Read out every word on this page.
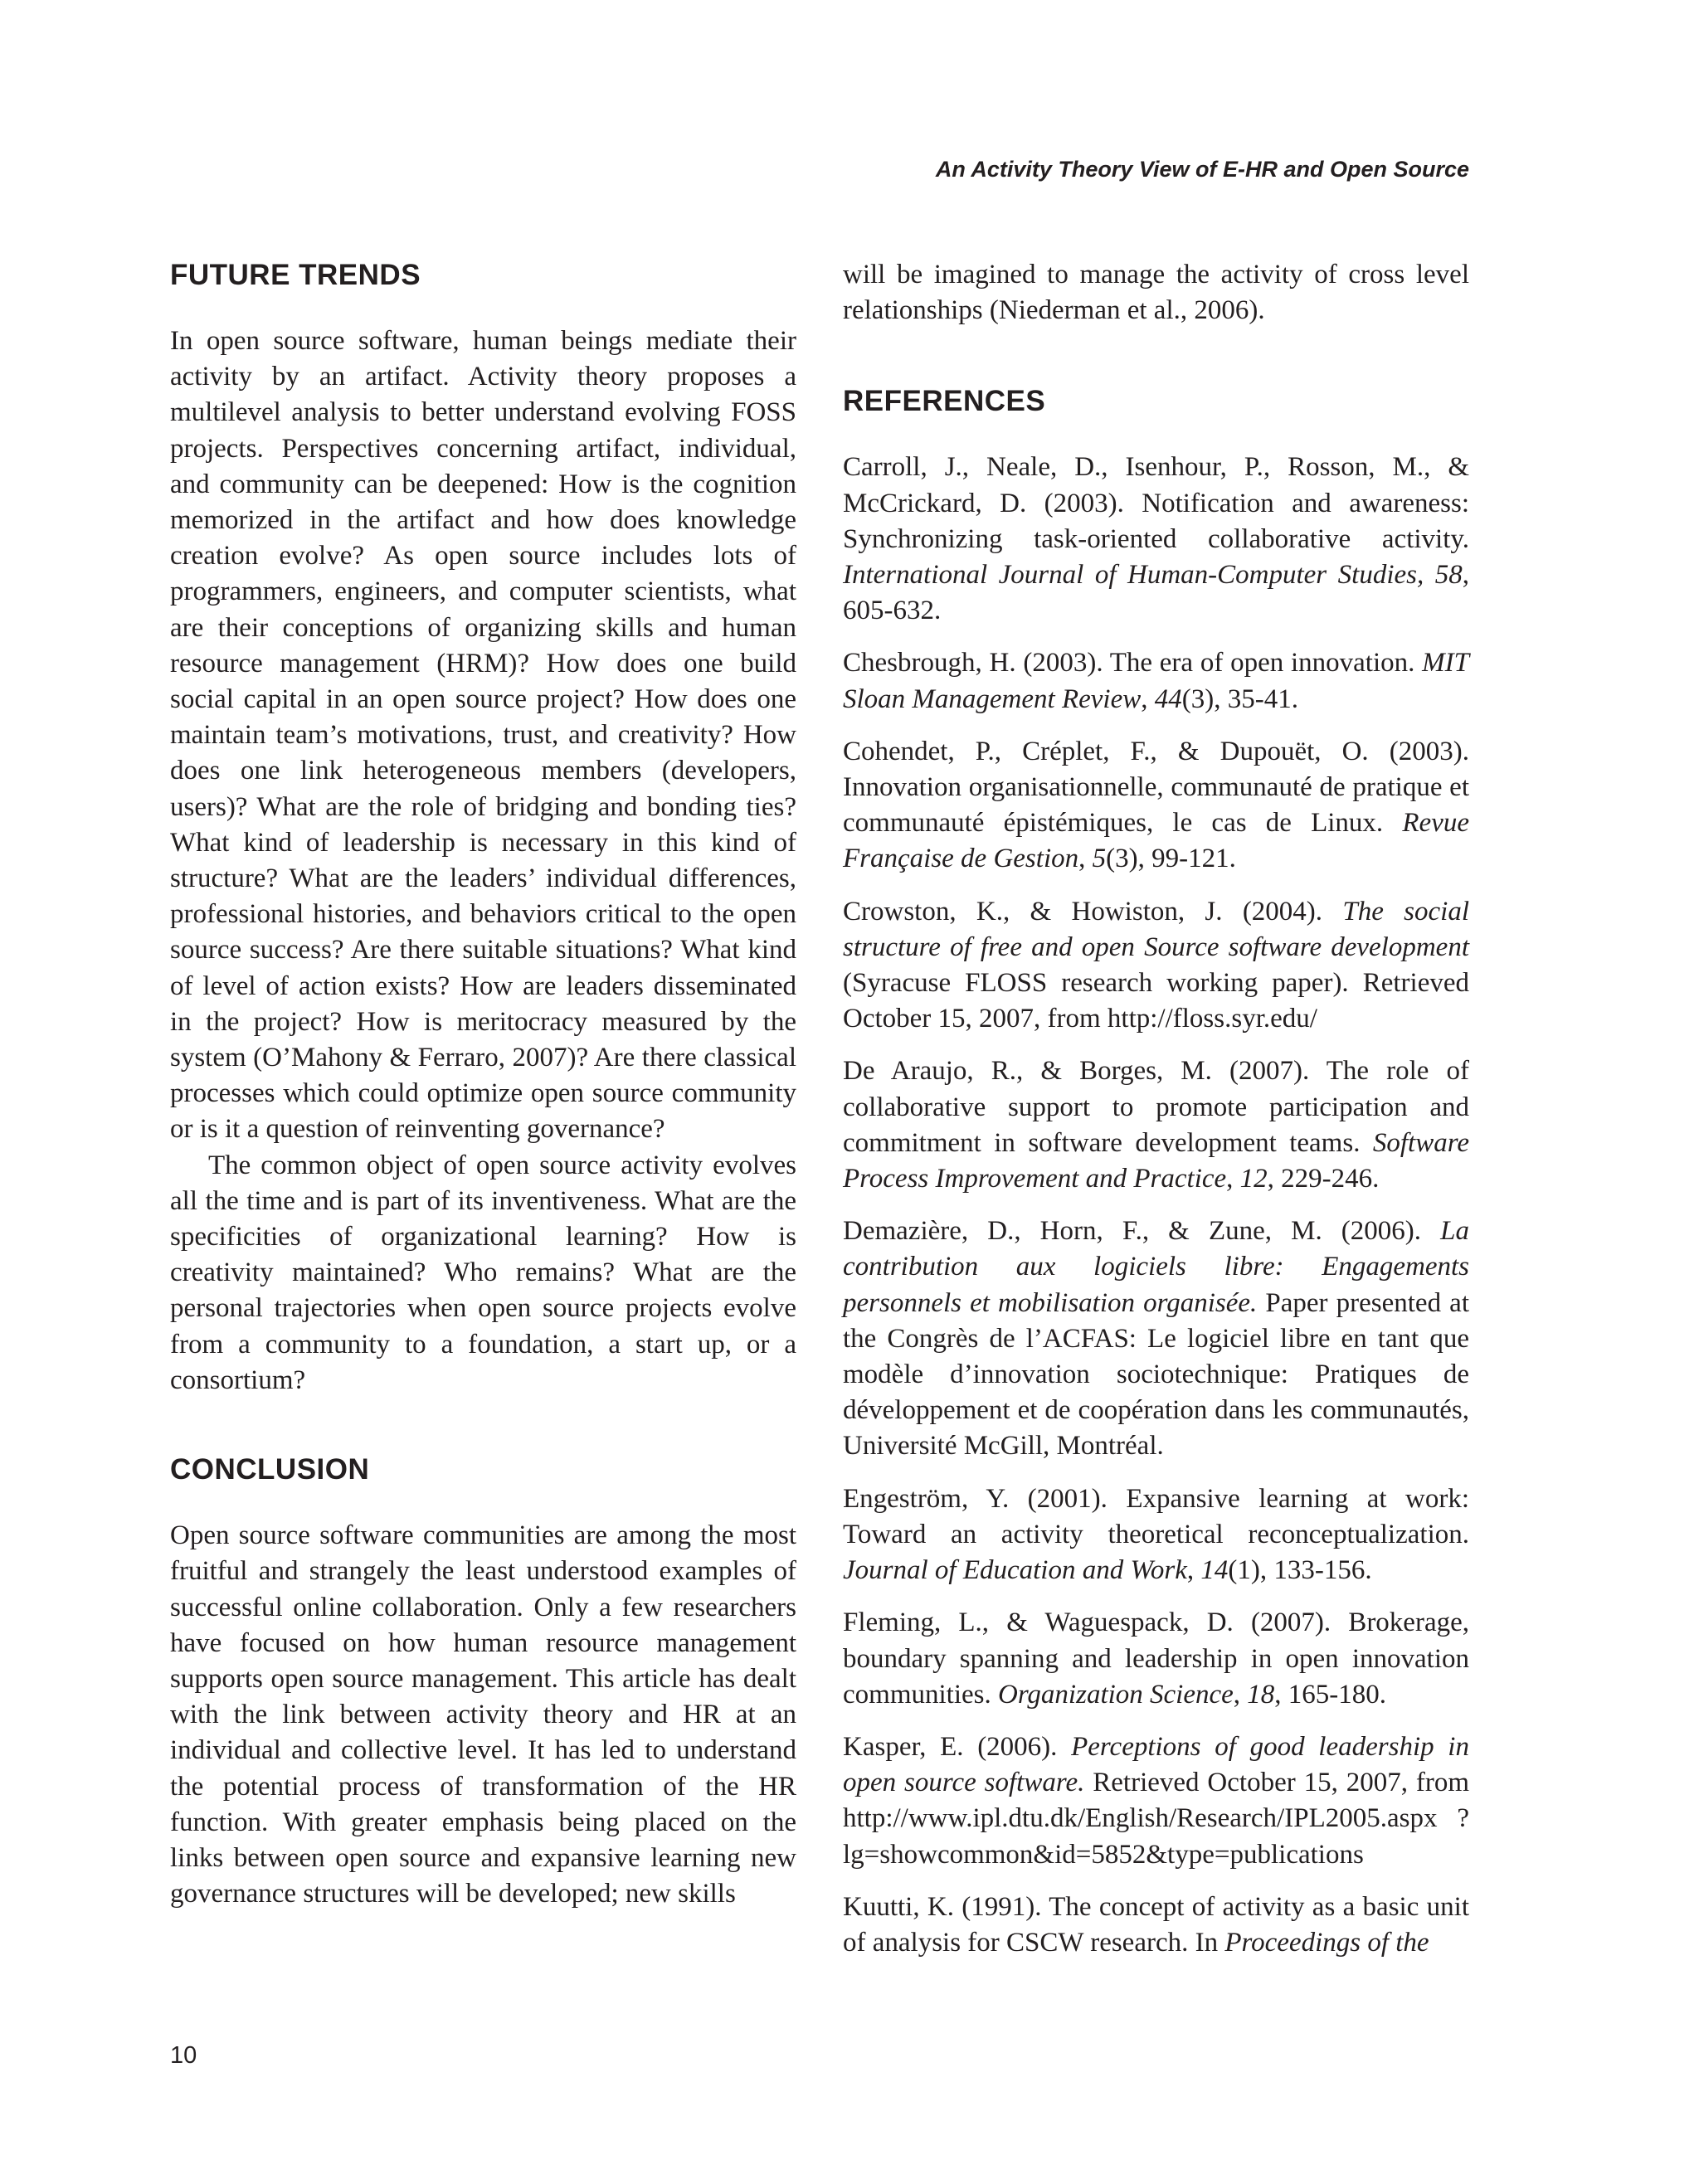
An Activity Theory View of E-HR and Open Source

FUTURE TRENDS

In open source software, human beings mediate their activity by an artifact. Activity theory proposes a multilevel analysis to better understand evolving FOSS projects. Perspectives concerning artifact, individual, and community can be deepened: How is the cognition memorized in the artifact and how does knowledge creation evolve? As open source includes lots of programmers, engineers, and computer scientists, what are their conceptions of organizing skills and human resource management (HRM)? How does one build social capital in an open source project? How does one maintain team’s motivations, trust, and creativity? How does one link heterogeneous members (developers, users)? What are the role of bridging and bonding ties? What kind of leadership is necessary in this kind of structure? What are the leaders’ individual differences, professional histories, and behaviors critical to the open source success? Are there suitable situations? What kind of level of action exists? How are leaders disseminated in the project? How is meritocracy measured by the system (O’Mahony & Ferraro, 2007)? Are there classical processes which could optimize open source community or is it a question of reinventing governance?

The common object of open source activity evolves all the time and is part of its inventiveness. What are the specificities of organizational learning? How is creativity maintained? Who remains? What are the personal trajectories when open source projects evolve from a community to a foundation, a start up, or a consortium?

CONCLUSION

Open source software communities are among the most fruitful and strangely the least understood examples of successful online collaboration. Only a few researchers have focused on how human resource management supports open source management. This article has dealt with the link between activity theory and HR at an individual and collective level. It has led to understand the potential process of transformation of the HR function. With greater emphasis being placed on the links between open source and expansive learning new governance structures will be developed; new skills

will be imagined to manage the activity of cross level relationships (Niederman et al., 2006).

REFERENCES

Carroll, J., Neale, D., Isenhour, P., Rosson, M., & McCrickard, D. (2003). Notification and awareness: Synchronizing task-oriented collaborative activity. International Journal of Human-Computer Studies, 58, 605-632.

Chesbrough, H. (2003). The era of open innovation. MIT Sloan Management Review, 44(3), 35-41.

Cohendet, P., Créplet, F., & Dupouët, O. (2003). Innovation organisationnelle, communauté de pratique et communauté épistémiques, le cas de Linux. Revue Française de Gestion, 5(3), 99-121.

Crowston, K., & Howiston, J. (2004). The social structure of free and open Source software development (Syracuse FLOSS research working paper). Retrieved October 15, 2007, from http://floss.syr.edu/

De Araujo, R., & Borges, M. (2007). The role of collaborative support to promote participation and commitment in software development teams. Software Process Improvement and Practice, 12, 229-246.

Demazière, D., Horn, F., & Zune, M. (2006). La contribution aux logiciels libre: Engagements personnels et mobilisation organisée. Paper presented at the Congrès de l’ACFAS: Le logiciel libre en tant que modèle d’innovation sociotechnique: Pratiques de développement et de coopération dans les communautés, Université McGill, Montréal.

Engeström, Y. (2001). Expansive learning at work: Toward an activity theoretical reconceptualization. Journal of Education and Work, 14(1), 133-156.

Fleming, L., & Waguespack, D. (2007). Brokerage, boundary spanning and leadership in open innovation communities. Organization Science, 18, 165-180.

Kasper, E. (2006). Perceptions of good leadership in open source software. Retrieved October 15, 2007, from http://www.ipl.dtu.dk/English/Research/IPL2005.aspx ?lg=showcommon&id=5852&type=publications

Kuutti, K. (1991). The concept of activity as a basic unit of analysis for CSCW research. In Proceedings of the

10
